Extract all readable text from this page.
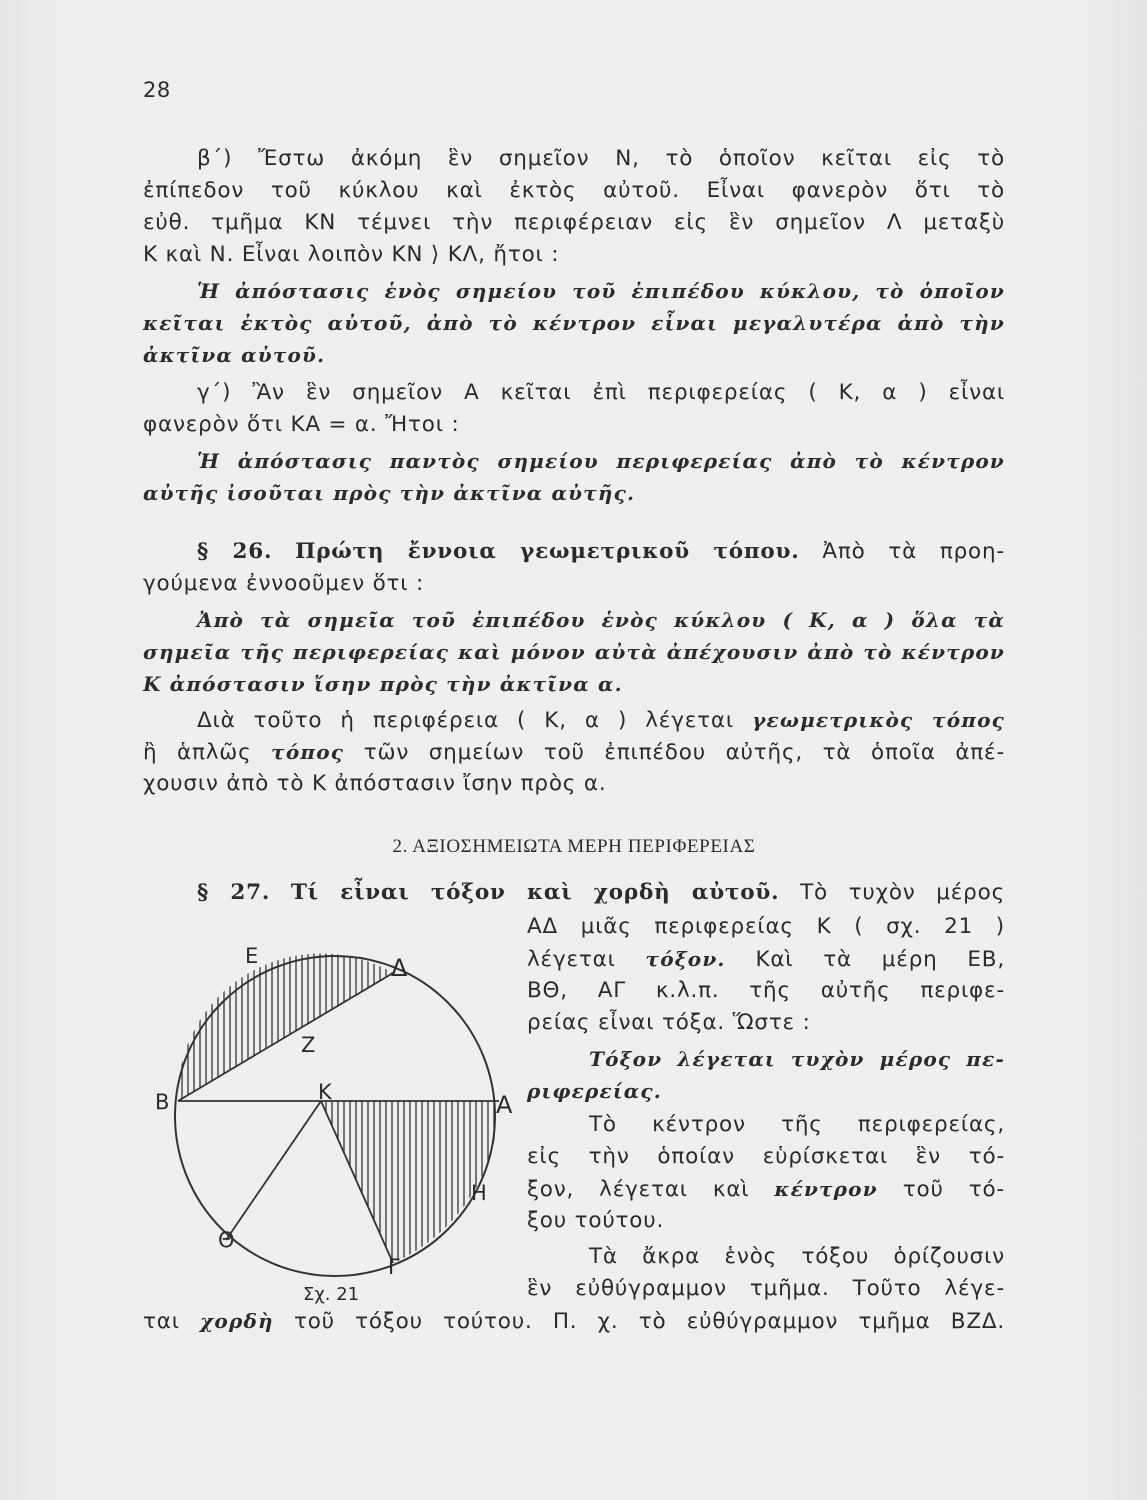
28
β΄) Ἔστω ἀκόμη ἓν σημεῖον Ν, τὸ ὁποῖον κεῖται εἰς τὸ
ἐπίπεδον τοῦ κύκλου καὶ ἐκτὸς αὐτοῦ. Εἶναι φανερὸν ὅτι τὸ
εὐθ. τμῆμα ΚΝ τέμνει τὴν περιφέρειαν εἰς ἓν σημεῖον Λ μεταξὺ
Κ καὶ Ν. Εἶναι λοιπὸν ΚΝ ⟩ ΚΛ, ἤτοι :
Ἡ ἀπόστασις ἑνὸς σημείου τοῦ ἐπιπέδου κύκλου, τὸ ὁποῖον
κεῖται ἐκτὸς αὐτοῦ, ἀπὸ τὸ κέντρον εἶναι μεγαλυτέρα ἀπὸ τὴν
ἀκτῖνα αὐτοῦ.
γ΄) Ἂν ἓν σημεῖον Α κεῖται ἐπὶ περιφερείας ( Κ, α ) εἶναι
φανερὸν ὅτι ΚΑ = α. Ἤτοι :
Ἡ ἀπόστασις παντὸς σημείου περιφερείας ἀπὸ τὸ κέντρον
αὐτῆς ἰσοῦται πρὸς τὴν ἀκτῖνα αὐτῆς.
§ 26. Πρώτη ἔννοια γεωμετρικοῦ τόπου. Ἀπὸ τὰ προη-
γούμενα ἐννοοῦμεν ὅτι :
Ἀπὸ τὰ σημεῖα τοῦ ἐπιπέδου ἑνὸς κύκλου ( Κ, α ) ὅλα τὰ
σημεῖα τῆς περιφερείας καὶ μόνον αὐτὰ ἀπέχουσιν ἀπὸ τὸ κέντρον
Κ ἀπόστασιν ἴσην πρὸς τὴν ἀκτῖνα α.
Διὰ τοῦτο ἡ περιφέρεια ( Κ, α ) λέγεται γεωμετρικὸς τόπος
ἢ ἁπλῶς τόπος τῶν σημείων τοῦ ἐπιπέδου αὐτῆς, τὰ ὁποῖα ἀπέ-
χουσιν ἀπὸ τὸ Κ ἀπόστασιν ἴσην πρὸς α.
2. ΑΞΙΟΣΗΜΕΙΩΤΑ ΜΕΡΗ ΠΕΡΙΦΕΡΕΙΑΣ
§ 27. Τί εἶναι τόξον καὶ χορδὴ αὐτοῦ. Τὸ τυχὸν μέρος
ΑΔ μιᾶς περιφερείας Κ ( σχ. 21 )
λέγεται τόξον. Καὶ τὰ μέρη ΕΒ,
ΒΘ, ΑΓ κ.λ.π. τῆς αὐτῆς περιφε-
ρείας εἶναι τόξα. Ὥστε :
Τόξον λέγεται τυχὸν μέρος πε-
ριφερείας.
Τὸ κέντρον τῆς περιφερείας,
εἰς τὴν ὁποίαν εὑρίσκεται ἓν τό-
ξον, λέγεται καὶ κέντρον τοῦ τό-
ξου τούτου.
Τὰ ἄκρα ἑνὸς τόξου ὁρίζουσιν
ἓν εὐθύγραμμον τμῆμα. Τοῦτο λέγε-
ται χορδὴ τοῦ τόξου τούτου. Π. χ. τὸ εὐθύγραμμον τμῆμα ΒΖΔ.
Ε	Δ
Ζ
Κ
Β	Α
Η
Θ
Γ
Σχ. 21
